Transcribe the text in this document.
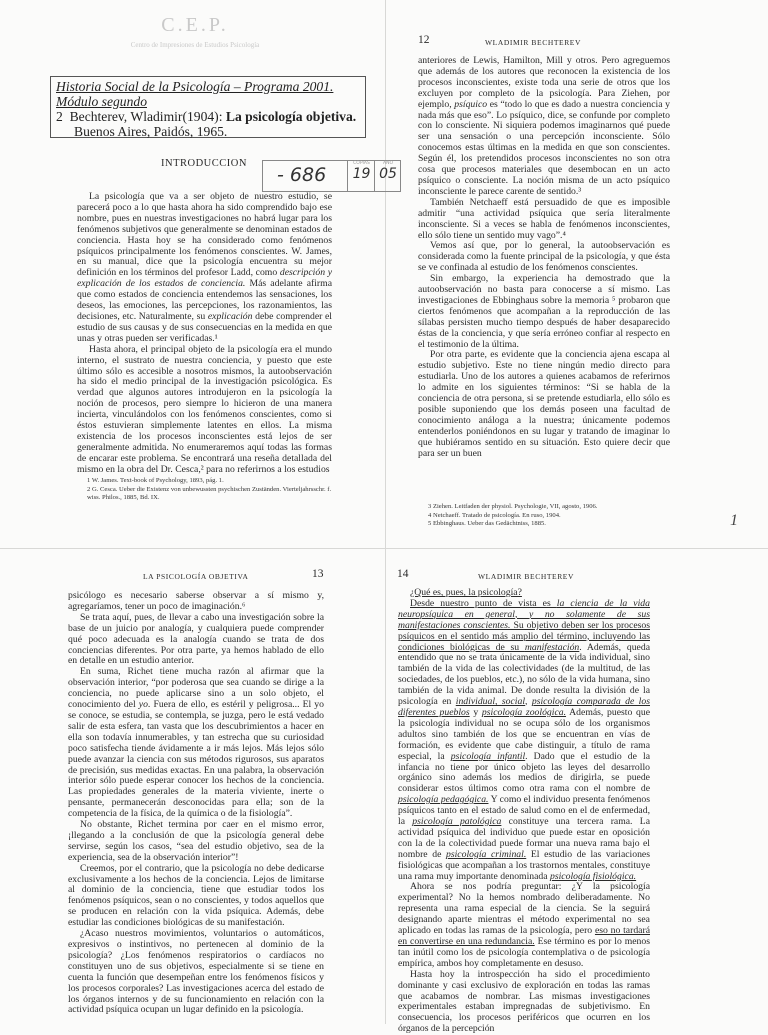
C.E.P.
Centro de Impresiones de Estudios Psicología
Historia Social de la Psicología – Programa 2001.
Módulo segundo
2 Bechterev, Wladimir(1904): La psicología objetiva.
Buenos Aires, Paidós, 1965.
INTRODUCCION
- 686
COPIAS
19
AÑO
05

La psicología que va a ser objeto de nuestro estudio, se parecerá poco a lo que hasta ahora ha sido comprendido bajo ese nombre, pues en nuestras investigaciones no habrá lugar para los fenómenos subjetivos que generalmente se denominan estados de conciencia. Hasta hoy se ha considerado como fenómenos psíquicos principalmente los fenómenos conscientes. W. James, en su manual, dice que la psicología encuentra su mejor definición en los términos del profesor Ladd, como descripción y explicación de los estados de conciencia. Más adelante afirma que como estados de conciencia entendemos las sensaciones, los deseos, las emociones, las percepciones, los razonamientos, las decisiones, etc. Naturalmente, su explicación debe comprender el estudio de sus causas y de sus consecuencias en la medida en que unas y otras pueden ser verificadas.¹

Hasta ahora, el principal objeto de la psicología era el mundo interno, el sustrato de nuestra conciencia, y puesto que este último sólo es accesible a nosotros mismos, la autoobservación ha sido el medio principal de la investigación psicológica. Es verdad que algunos autores introdujeron en la psicología la noción de procesos, pero siempre lo hicieron de una manera incierta, vinculándolos con los fenómenos conscientes, como si éstos estuvieran simplemente latentes en ellos. La misma existencia de los procesos inconscientes está lejos de ser generalmente admitida. No enumeraremos aquí todas las formas de encarar este problema. Se encontrará una reseña detallada del mismo en la obra del Dr. Cesca,² para no referirnos a los estudios

1 W. James. Text-book of Psychology, 1893, pág. 1.
2 G. Cesca. Ueber die Existenz von unbewussten psychischen Zuständen. Vierteljahrsschr. f. wiss. Philos., 1885, Bd. IX.
12	WLADIMIR BECHTEREV

anteriores de Lewis, Hamilton, Mill y otros. Pero agreguemos que además de los autores que reconocen la existencia de los procesos inconscientes, existe toda una serie de otros que los excluyen por completo de la psicología. Para Ziehen, por ejemplo, psíquico es “todo lo que es dado a nuestra conciencia y nada más que eso”. Lo psíquico, dice, se confunde por completo con lo consciente. Ni siquiera podemos imaginarnos qué puede ser una sensación o una percepción inconsciente. Sólo conocemos estas últimas en la medida en que son conscientes. Según él, los pretendidos procesos inconscientes no son otra cosa que procesos materiales que desembocan en un acto psíquico o consciente. La noción misma de un acto psíquico inconsciente le parece carente de sentido.³

También Netchaeff está persuadido de que es imposible admitir “una actividad psíquica que sería literalmente inconsciente. Si a veces se habla de fenómenos inconscientes, ello sólo tiene un sentido muy vago”.⁴

Vemos así que, por lo general, la autoobservación es considerada como la fuente principal de la psicología, y que ésta se ve confinada al estudio de los fenómenos conscientes.

Sin embargo, la experiencia ha demostrado que la autoobservación no basta para conocerse a sí mismo. Las investigaciones de Ebbinghaus sobre la memoria ⁵ probaron que ciertos fenómenos que acompañan a la reproducción de las sílabas persisten mucho tiempo después de haber desaparecido éstas de la conciencia, y que sería erróneo confiar al respecto en el testimonio de la última.

Por otra parte, es evidente que la conciencia ajena escapa al estudio subjetivo. Este no tiene ningún medio directo para estudiarla. Uno de los autores a quienes acabamos de referirnos lo admite en los siguientes términos: “Si se habla de la conciencia de otra persona, si se pretende estudiarla, ello sólo es posible suponiendo que los demás poseen una facultad de conocimiento análoga a la nuestra; únicamente podemos entenderlos poniéndonos en su lugar y tratando de imaginar lo que hubiéramos sentido en su situación. Esto quiere decir que para ser un buen

3 Ziehen. Leitfaden der physiol. Psychologie, VII, agosto, 1906.
4 Netchaeff. Tratado de psicología. En ruso, 1904.
5 Ebbinghaus. Ueber das Gedächtniss, 1885.	1
LA PSICOLOGÍA OBJETIVA	13

psicólogo es necesario saberse observar a sí mismo y, agregaríamos, tener un poco de imaginación.⁶

Se trata aquí, pues, de llevar a cabo una investigación sobre la base de un juicio por analogía, y cualquiera puede comprender qué poco adecuada es la analogía cuando se trata de dos conciencias diferentes. Por otra parte, ya hemos hablado de ello en detalle en un estudio anterior.

En suma, Richet tiene mucha razón al afirmar que la observación interior, “por poderosa que sea cuando se dirige a la conciencia, no puede aplicarse sino a un solo objeto, el conocimiento del yo. Fuera de ello, es estéril y peligrosa... El yo se conoce, se estudia, se contempla, se juzga, pero le está vedado salir de esta esfera, tan vasta que los descubrimientos a hacer en ella son todavía innumerables, y tan estrecha que su curiosidad poco satisfecha tiende ávidamente a ir más lejos. Más lejos sólo puede avanzar la ciencia con sus métodos rigurosos, sus aparatos de precisión, sus medidas exactas. En una palabra, la observación interior sólo puede esperar conocer los hechos de la conciencia. Las propiedades generales de la materia viviente, inerte o pensante, permanecerán desconocidas para ella; son de la competencia de la física, de la química o de la fisiología”.

No obstante, Richet termina por caer en el mismo error, ¡llegando a la conclusión de que la psicología general debe servirse, según los casos, “sea del estudio objetivo, sea de la experiencia, sea de la observación interior”!

Creemos, por el contrario, que la psicología no debe dedicarse exclusivamente a los hechos de la conciencia. Lejos de limitarse al dominio de la conciencia, tiene que estudiar todos los fenómenos psíquicos, sean o no conscientes, y todos aquellos que se producen en relación con la vida psíquica. Además, debe estudiar las condiciones biológicas de su manifestación.

¿Acaso nuestros movimientos, voluntarios o automáticos, expresivos o instintivos, no pertenecen al dominio de la psicología? ¿Los fenómenos respiratorios o cardíacos no constituyen uno de sus objetivos, especialmente si se tiene en cuenta la función que desempeñan entre los fenómenos físicos y los procesos corporales? Las investigaciones acerca del estado de los órganos internos y de su funcionamiento en relación con la actividad psíquica ocupan un lugar definido en la psicología.

14	WLADIMIR BECHTEREV

¿Qué es, pues, la psicología?

Desde nuestro punto de vista es la ciencia de la vida neuropsíquica en general, y no solamente de sus manifestaciones conscientes. Su objetivo deben ser los procesos psíquicos en el sentido más amplio del término, incluyendo las condiciones biológicas de su manifestación. Además, queda entendido que no se trata únicamente de la vida individual, sino también de la vida de las colectividades (de la multitud, de las sociedades, de los pueblos, etc.), no sólo de la vida humana, sino también de la vida animal. De donde resulta la división de la psicología en individual, social, psicología comparada de los diferentes pueblos y psicología zoológica. Además, puesto que la psicología individual no se ocupa sólo de los organismos adultos sino también de los que se encuentran en vías de formación, es evidente que cabe distinguir, a título de rama especial, la psicología infantil. Dado que el estudio de la infancia no tiene por único objeto las leyes del desarrollo orgánico sino además los medios de dirigirla, se puede considerar estos últimos como otra rama con el nombre de psicología pedagógica. Y como el individuo presenta fenómenos psíquicos tanto en el estado de salud como en el de enfermedad, la psicología patológica constituye una tercera rama. La actividad psíquica del individuo que puede estar en oposición con la de la colectividad puede formar una nueva rama bajo el nombre de psicología criminal. El estudio de las variaciones fisiológicas que acompañan a los trastornos mentales, constituye una rama muy importante denominada psicología fisiológica.

Ahora se nos podría preguntar: ¿Y la psicología experimental? No la hemos nombrado deliberadamente. No representa una rama especial de la ciencia. Se la seguirá designando aparte mientras el método experimental no sea aplicado en todas las ramas de la psicología, pero eso no tardará en convertirse en una redundancia. Ese término es por lo menos tan inútil como los de psicología contemplativa o de psicología empírica, ambos hoy completamente en desuso.

Hasta hoy la introspección ha sido el procedimiento dominante y casi exclusivo de exploración en todas las ramas que acabamos de nombrar. Las mismas investigaciones experimentales estaban impregnadas de subjetivismo. En consecuencia, los procesos periféricos que ocurren en los órganos de la percepción
